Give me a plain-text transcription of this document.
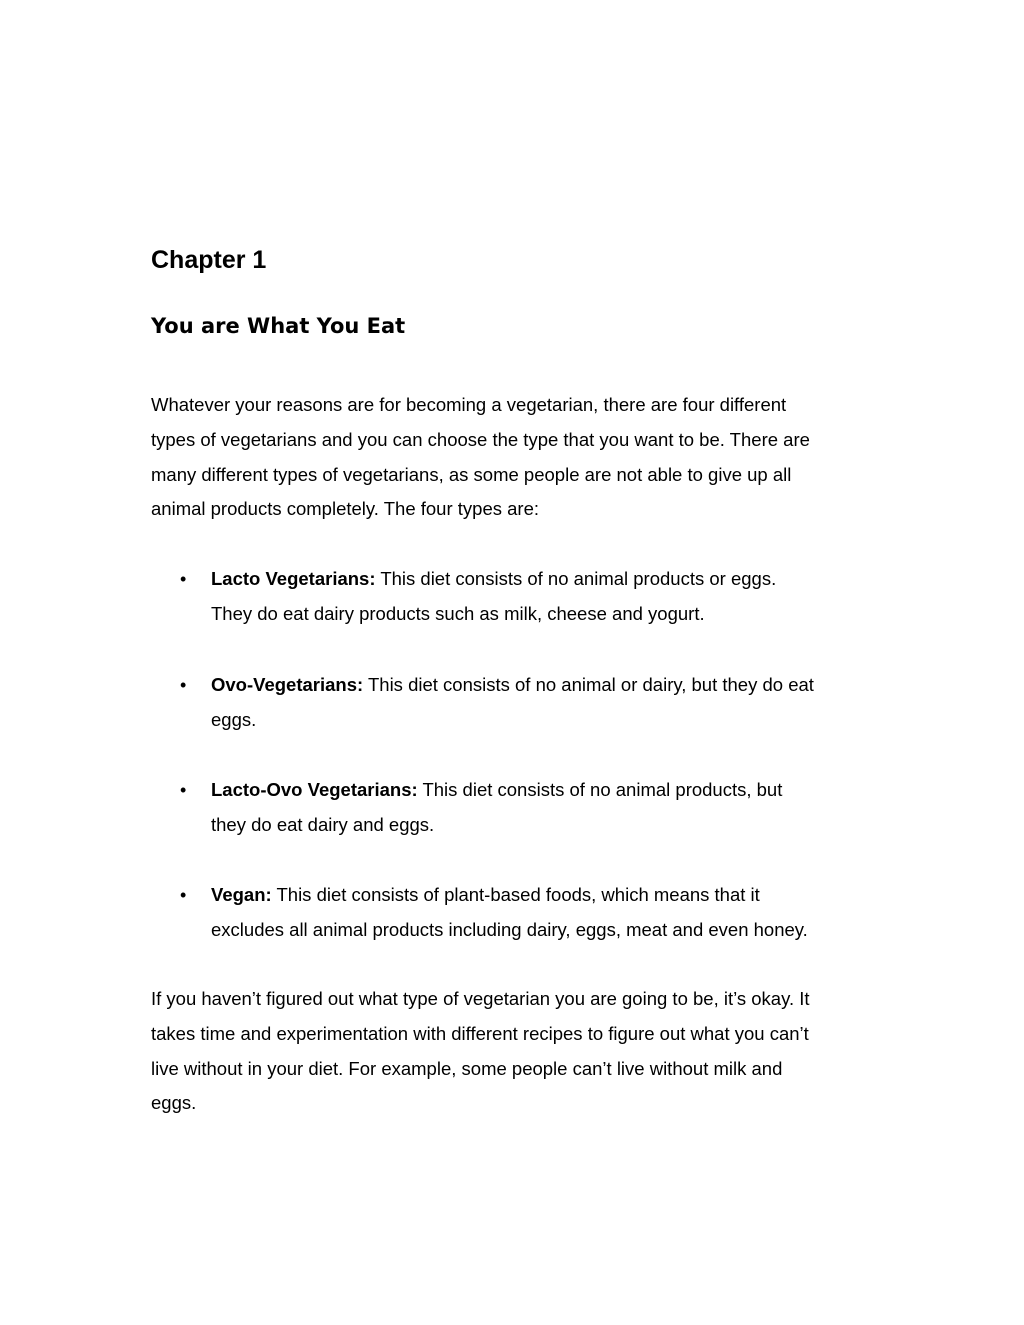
Chapter 1
You are What You Eat

Whatever your reasons are for becoming a vegetarian, there are four different
types of vegetarians and you can choose the type that you want to be. There are
many different types of vegetarians, as some people are not able to give up all
animal products completely. The four types are:

• Lacto Vegetarians: This diet consists of no animal products or eggs.
They do eat dairy products such as milk, cheese and yogurt.
• Ovo-Vegetarians: This diet consists of no animal or dairy, but they do eat
eggs.
• Lacto-Ovo Vegetarians: This diet consists of no animal products, but
they do eat dairy and eggs.
• Vegan: This diet consists of plant-based foods, which means that it
excludes all animal products including dairy, eggs, meat and even honey.

If you haven’t figured out what type of vegetarian you are going to be, it’s okay. It
takes time and experimentation with different recipes to figure out what you can’t
live without in your diet. For example, some people can’t live without milk and
eggs.
